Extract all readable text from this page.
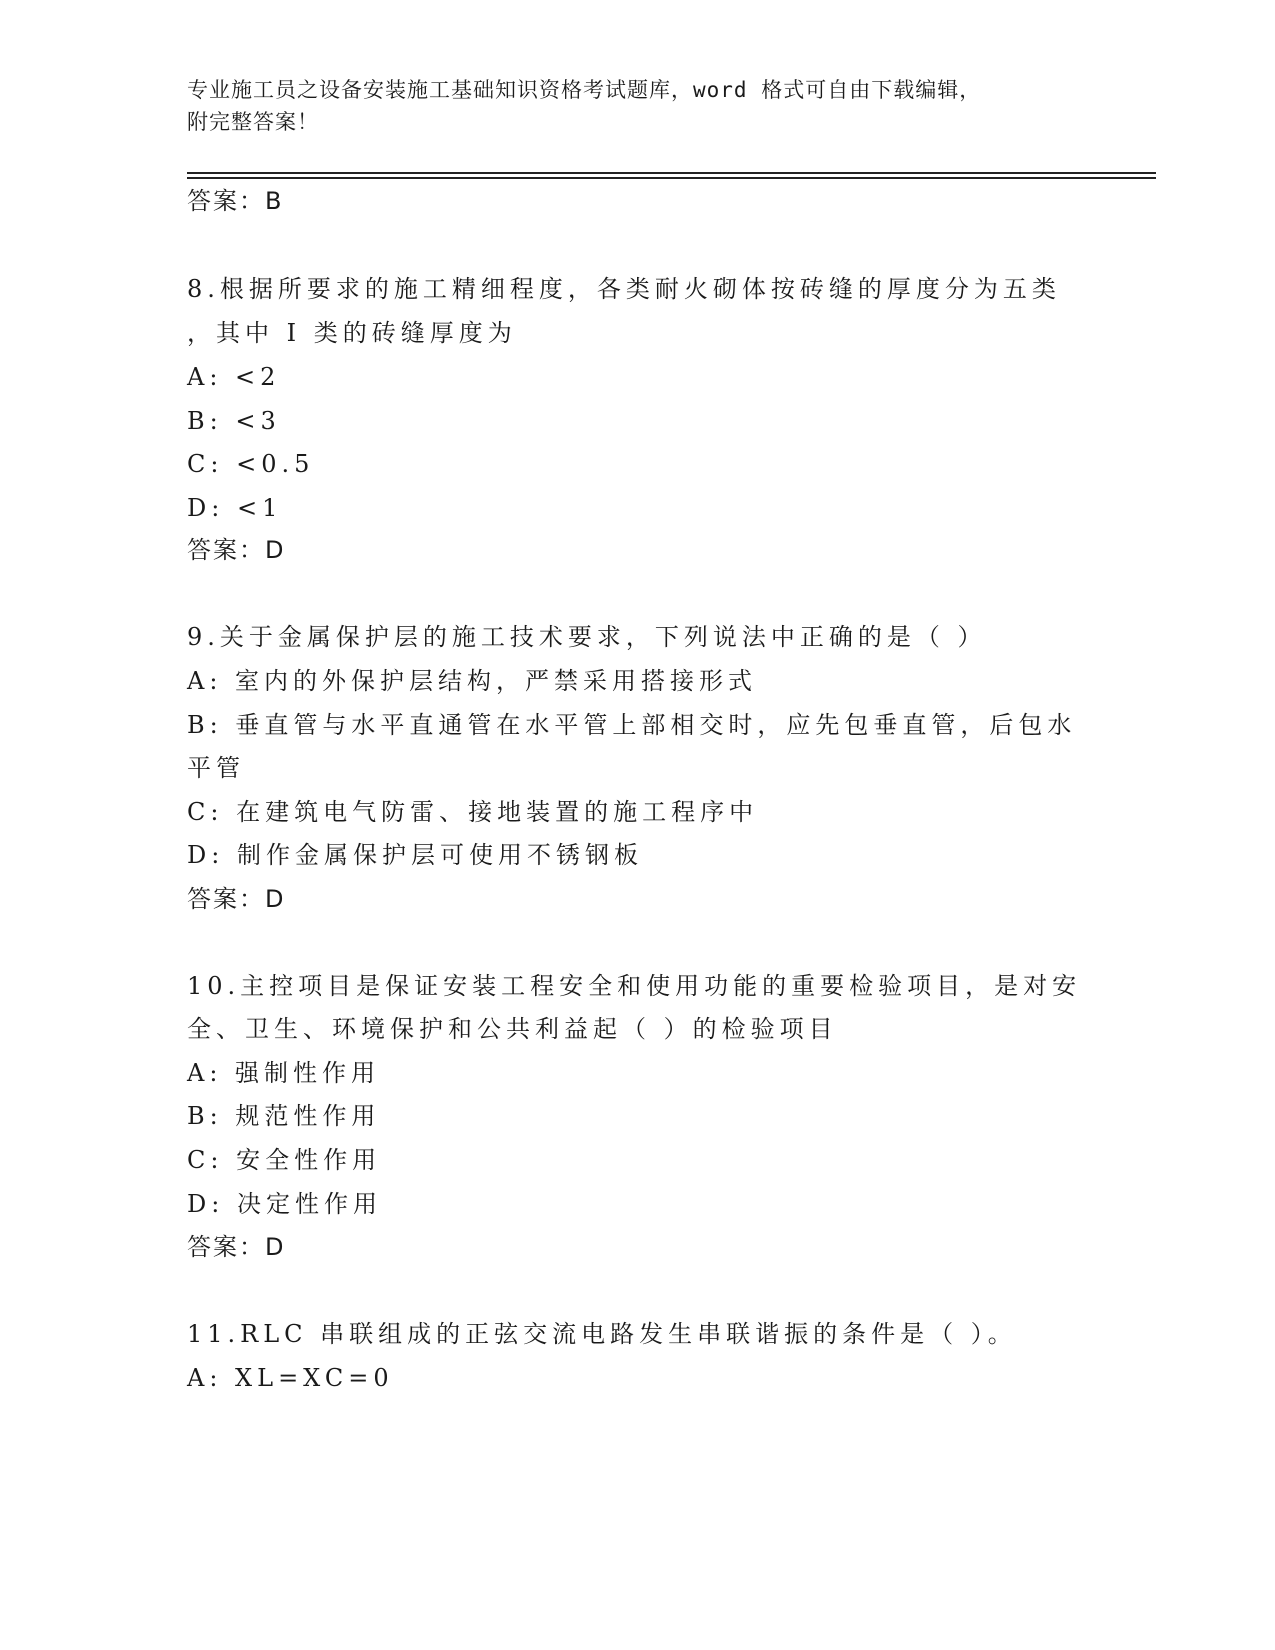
专业施工员之设备安装施工基础知识资格考试题库，word 格式可自由下载编辑，
附完整答案！
答案：B
8.根据所要求的施工精细程度，各类耐火砌体按砖缝的厚度分为五类
，其中 I 类的砖缝厚度为
A: <2
B: <3
C: <0.5
D: <1
答案：D
9.关于金属保护层的施工技术要求，下列说法中正确的是（ ）
A: 室内的外保护层结构，严禁采用搭接形式
B: 垂直管与水平直通管在水平管上部相交时，应先包垂直管，后包水
平管
C: 在建筑电气防雷、接地装置的施工程序中
D: 制作金属保护层可使用不锈钢板
答案：D
10.主控项目是保证安装工程安全和使用功能的重要检验项目，是对安
全、卫生、环境保护和公共利益起（ ）的检验项目
A: 强制性作用
B: 规范性作用
C: 安全性作用
D: 决定性作用
答案：D
11.RLC 串联组成的正弦交流电路发生串联谐振的条件是（ ）。
A: XL=XC=0
